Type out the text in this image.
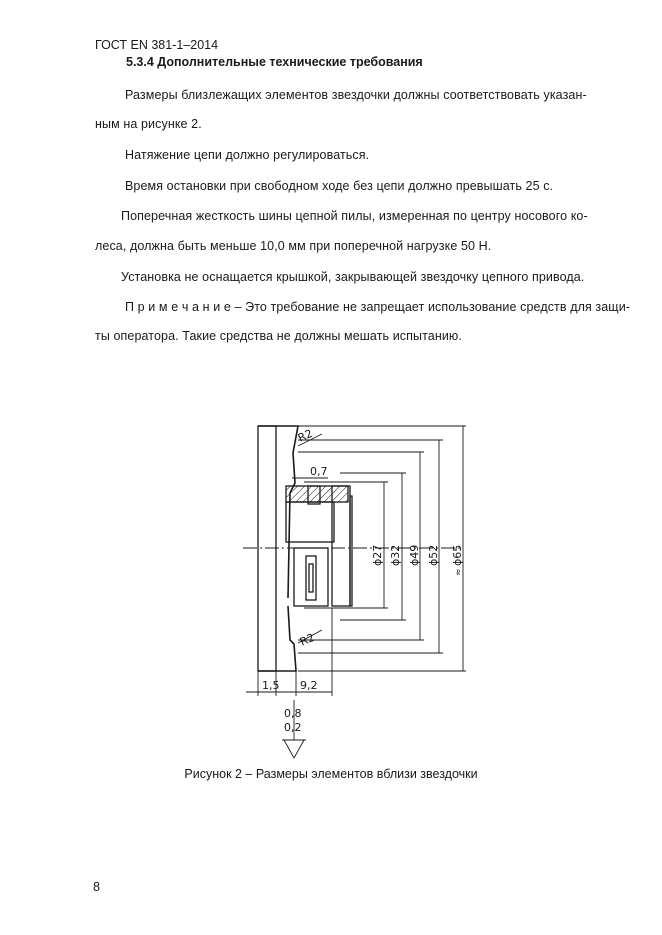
ГОСТ EN 381-1–2014
5.3.4 Дополнительные технические требования
Размеры близлежащих элементов звездочки должны соответствовать указан-
ным на рисунке 2.
Натяжение цепи должно регулироваться.
Время остановки при свободном ходе без цепи должно превышать 25 с.
Поперечная жесткость шины цепной пилы, измеренная по центру носового ко-
леса, должна быть меньше 10,0 мм при поперечной нагрузке 50 Н.
Установка не оснащается крышкой, закрывающей звездочку цепного привода.
П р и м е ч а н и е – Это требование не запрещает использование средств для защи-
ты оператора. Такие средства не должны мешать испытанию.
R2
R2
0,7
ϕ27 ϕ32 ϕ49 ϕ52 ϕ65
≈
1,5 9,2
0,8
0,2
Рисунок 2 – Размеры элементов вблизи звездочки
8
